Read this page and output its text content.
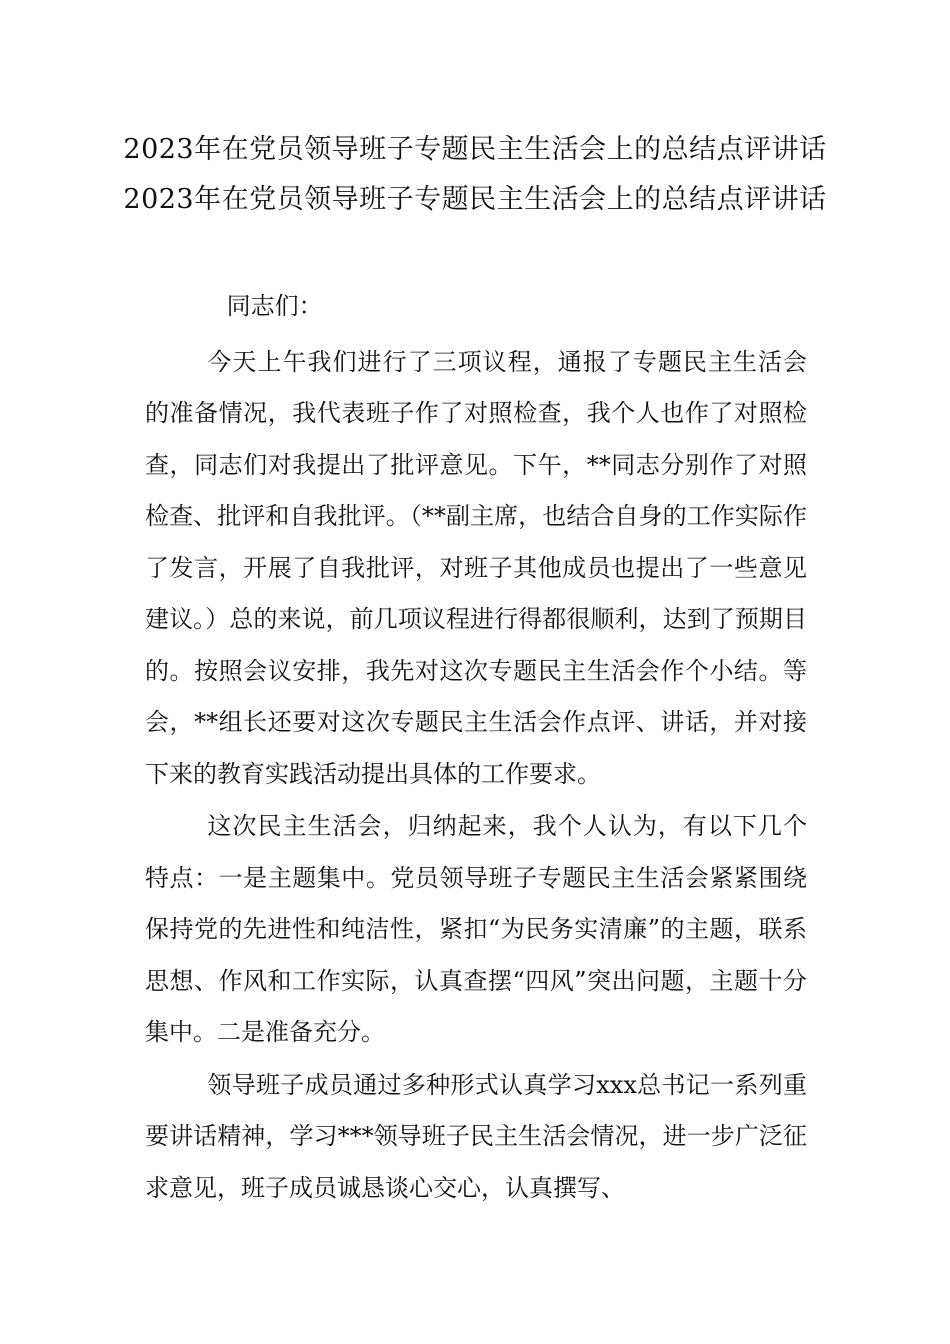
2023年在党员领导班子专题民主生活会上的总结点评讲话
2023年在党员领导班子专题民主生活会上的总结点评讲话

同志们：

今天上午我们进行了三项议程，通报了专题民主生活会的准备情况，我代表班子作了对照检查，我个人也作了对照检查，同志们对我提出了批评意见。下午，**同志分别作了对照检查、批评和自我批评。（**副主席，也结合自身的工作实际作了发言，开展了自我批评，对班子其他成员也提出了一些意见建议。）总的来说，前几项议程进行得都很顺利，达到了预期目的。按照会议安排，我先对这次专题民主生活会作个小结。等会，**组长还要对这次专题民主生活会作点评、讲话，并对接下来的教育实践活动提出具体的工作要求。

这次民主生活会，归纳起来，我个人认为，有以下几个特点：一是主题集中。党员领导班子专题民主生活会紧紧围绕保持党的先进性和纯洁性，紧扣“为民务实清廉”的主题，联系思想、作风和工作实际，认真查摆“四风”突出问题，主题十分集中。二是准备充分。

领导班子成员通过多种形式认真学习xxx总书记一系列重要讲话精神，学习***领导班子民主生活会情况，进一步广泛征求意见，班子成员诚恳谈心交心，认真撰写、
